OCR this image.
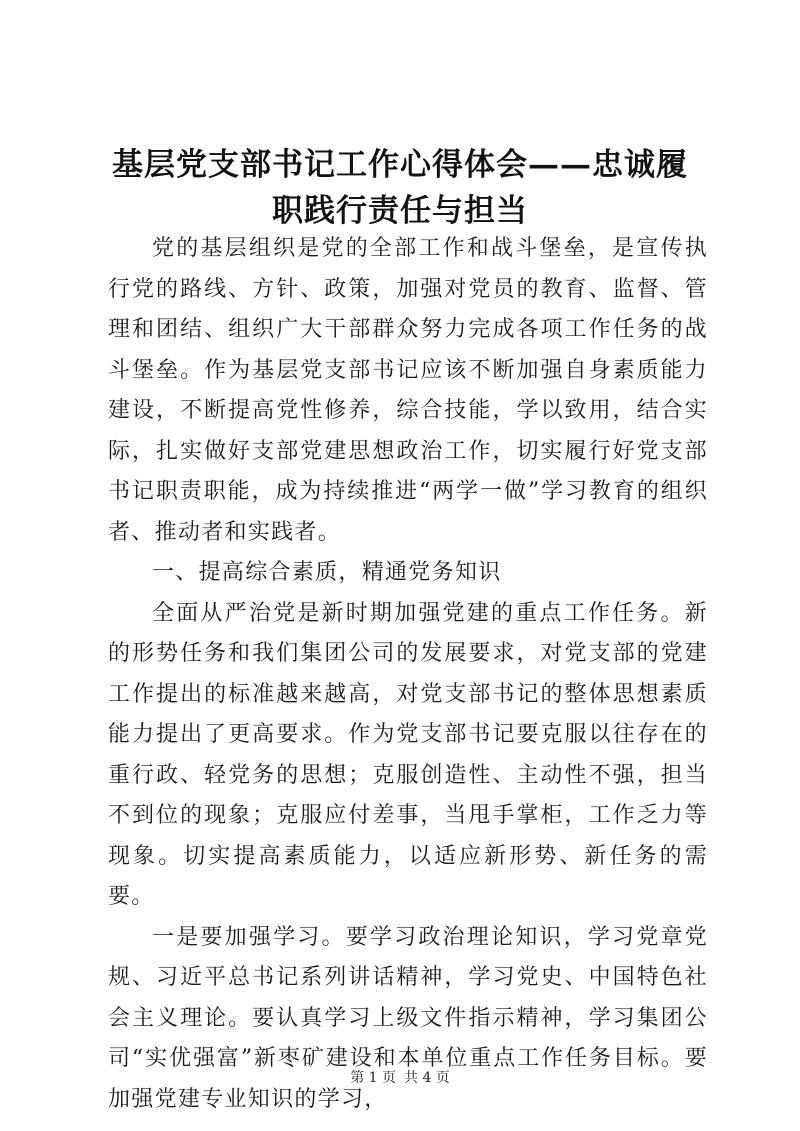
基层党支部书记工作心得体会——忠诚履职践行责任与担当

党的基层组织是党的全部工作和战斗堡垒，是宣传执行党的路线、方针、政策，加强对党员的教育、监督、管理和团结、组织广大干部群众努力完成各项工作任务的战斗堡垒。作为基层党支部书记应该不断加强自身素质能力建设，不断提高党性修养，综合技能，学以致用，结合实际，扎实做好支部党建思想政治工作，切实履行好党支部书记职责职能，成为持续推进“两学一做”学习教育的组织者、推动者和实践者。

一、提高综合素质，精通党务知识

全面从严治党是新时期加强党建的重点工作任务。新的形势任务和我们集团公司的发展要求，对党支部的党建工作提出的标准越来越高，对党支部书记的整体思想素质能力提出了更高要求。作为党支部书记要克服以往存在的重行政、轻党务的思想；克服创造性、主动性不强，担当不到位的现象；克服应付差事，当甩手掌柜，工作乏力等现象。切实提高素质能力，以适应新形势、新任务的需要。

一是要加强学习。要学习政治理论知识，学习党章党规、习近平总书记系列讲话精神，学习党史、中国特色社会主义理论。要认真学习上级文件指示精神，学习集团公司“实优强富”新枣矿建设和本单位重点工作任务目标。要加强党建专业知识的学习，

第 1 页 共 4 页
